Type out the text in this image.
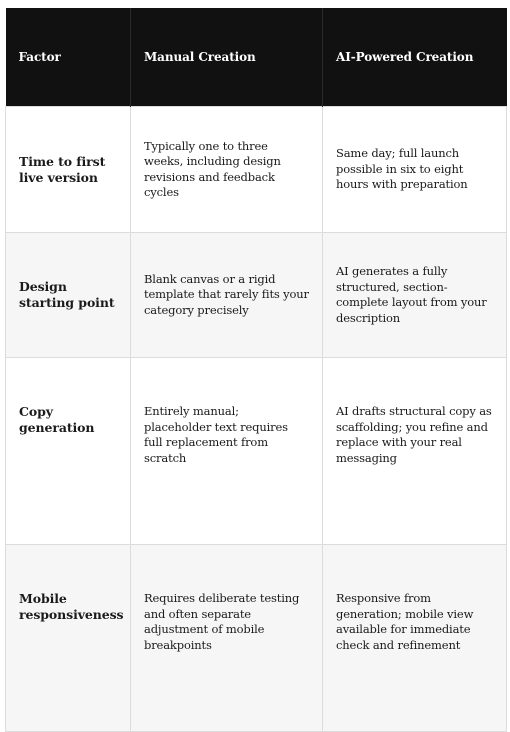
Factor	Manual Creation	AI-Powered Creation
Time to first live version	Typically one to three weeks, including design revisions and feedback cycles	Same day; full launch possible in six to eight hours with preparation
Design starting point	Blank canvas or a rigid template that rarely fits your category precisely	AI generates a fully structured, section-complete layout from your description
Copy generation	Entirely manual; placeholder text requires full replacement from scratch	AI drafts structural copy as scaffolding; you refine and replace with your real messaging
Mobile responsiveness	Requires deliberate testing and often separate adjustment of mobile breakpoints	Responsive from generation; mobile view available for immediate check and refinement
